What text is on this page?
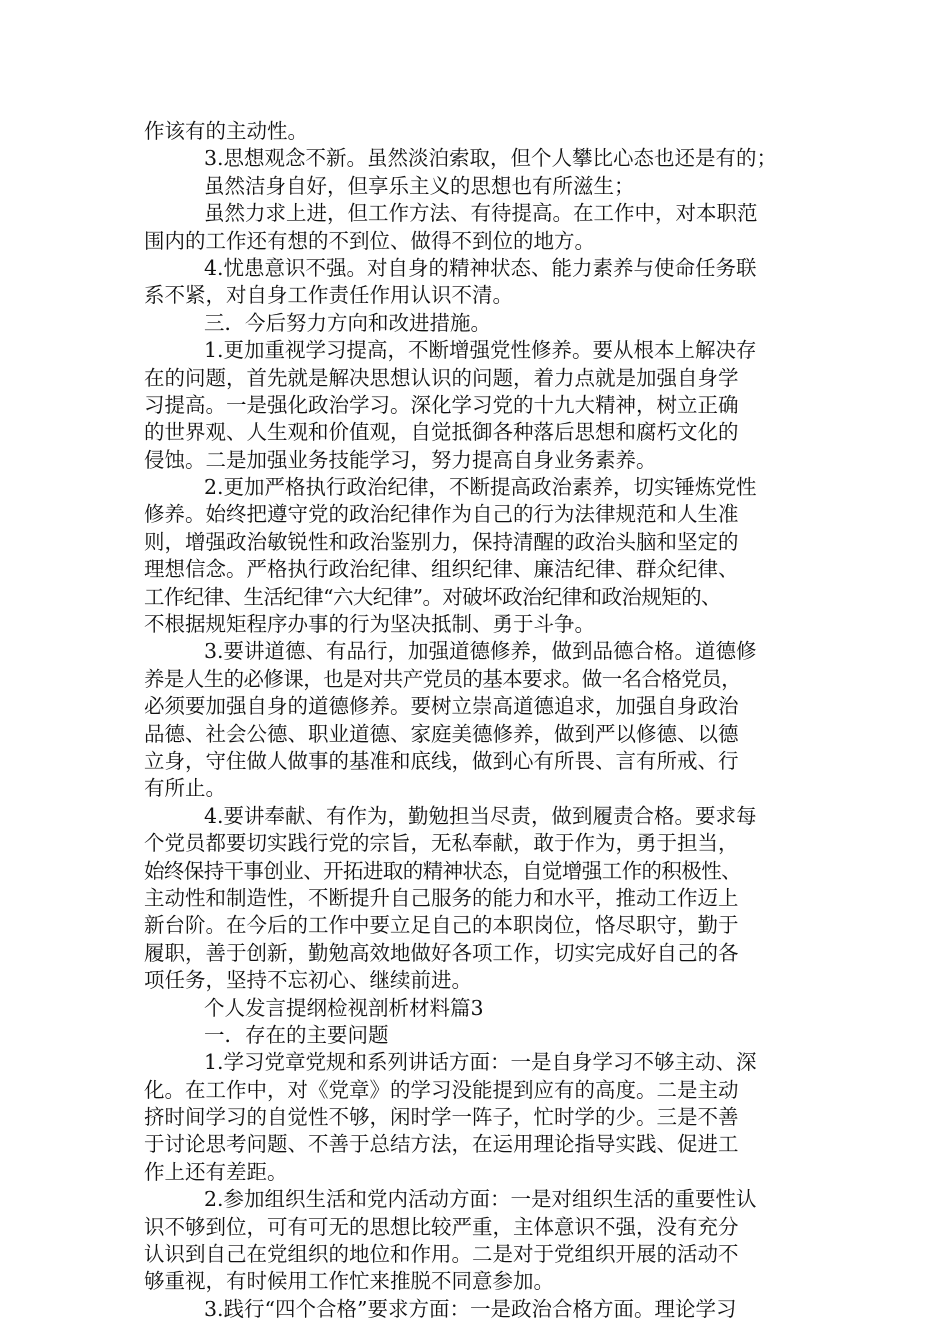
作该有的主动性。
3.思想观念不新。虽然淡泊索取，但个人攀比心态也还是有的；
虽然洁身自好，但享乐主义的思想也有所滋生；
虽然力求上进，但工作方法、有待提高。在工作中，对本职范
围内的工作还有想的不到位、做得不到位的地方。
4.忧患意识不强。对自身的精神状态、能力素养与使命任务联
系不紧，对自身工作责任作用认识不清。
三．今后努力方向和改进措施。
1.更加重视学习提高，不断增强党性修养。要从根本上解决存
在的问题，首先就是解决思想认识的问题，着力点就是加强自身学
习提高。一是强化政治学习。深化学习党的十九大精神，树立正确
的世界观、人生观和价值观，自觉抵御各种落后思想和腐朽文化的
侵蚀。二是加强业务技能学习，努力提高自身业务素养。
2.更加严格执行政治纪律，不断提高政治素养，切实锤炼党性
修养。始终把遵守党的政治纪律作为自己的行为法律规范和人生准
则，增强政治敏锐性和政治鉴别力，保持清醒的政治头脑和坚定的
理想信念。严格执行政治纪律、组织纪律、廉洁纪律、群众纪律、
工作纪律、生活纪律“六大纪律”。对破坏政治纪律和政治规矩的、
不根据规矩程序办事的行为坚决抵制、勇于斗争。
3.要讲道德、有品行，加强道德修养，做到品德合格。道德修
养是人生的必修课，也是对共产党员的基本要求。做一名合格党员，
必须要加强自身的道德修养。要树立崇高道德追求，加强自身政治
品德、社会公德、职业道德、家庭美德修养，做到严以修德、以德
立身，守住做人做事的基准和底线，做到心有所畏、言有所戒、行
有所止。
4.要讲奉献、有作为，勤勉担当尽责，做到履责合格。要求每
个党员都要切实践行党的宗旨，无私奉献，敢于作为，勇于担当，
始终保持干事创业、开拓进取的精神状态，自觉增强工作的积极性、
主动性和制造性，不断提升自己服务的能力和水平，推动工作迈上
新台阶。在今后的工作中要立足自己的本职岗位，恪尽职守，勤于
履职，善于创新，勤勉高效地做好各项工作，切实完成好自己的各
项任务，坚持不忘初心、继续前进。
个人发言提纲检视剖析材料篇3
一．存在的主要问题
1.学习党章党规和系列讲话方面：一是自身学习不够主动、深
化。在工作中，对《党章》的学习没能提到应有的高度。二是主动
挤时间学习的自觉性不够，闲时学一阵子，忙时学的少。三是不善
于讨论思考问题、不善于总结方法，在运用理论指导实践、促进工
作上还有差距。
2.参加组织生活和党内活动方面：一是对组织生活的重要性认
识不够到位，可有可无的思想比较严重，主体意识不强，没有充分
认识到自己在党组织的地位和作用。二是对于党组织开展的活动不
够重视，有时候用工作忙来推脱不同意参加。
3.践行“四个合格”要求方面：一是政治合格方面。理论学习
